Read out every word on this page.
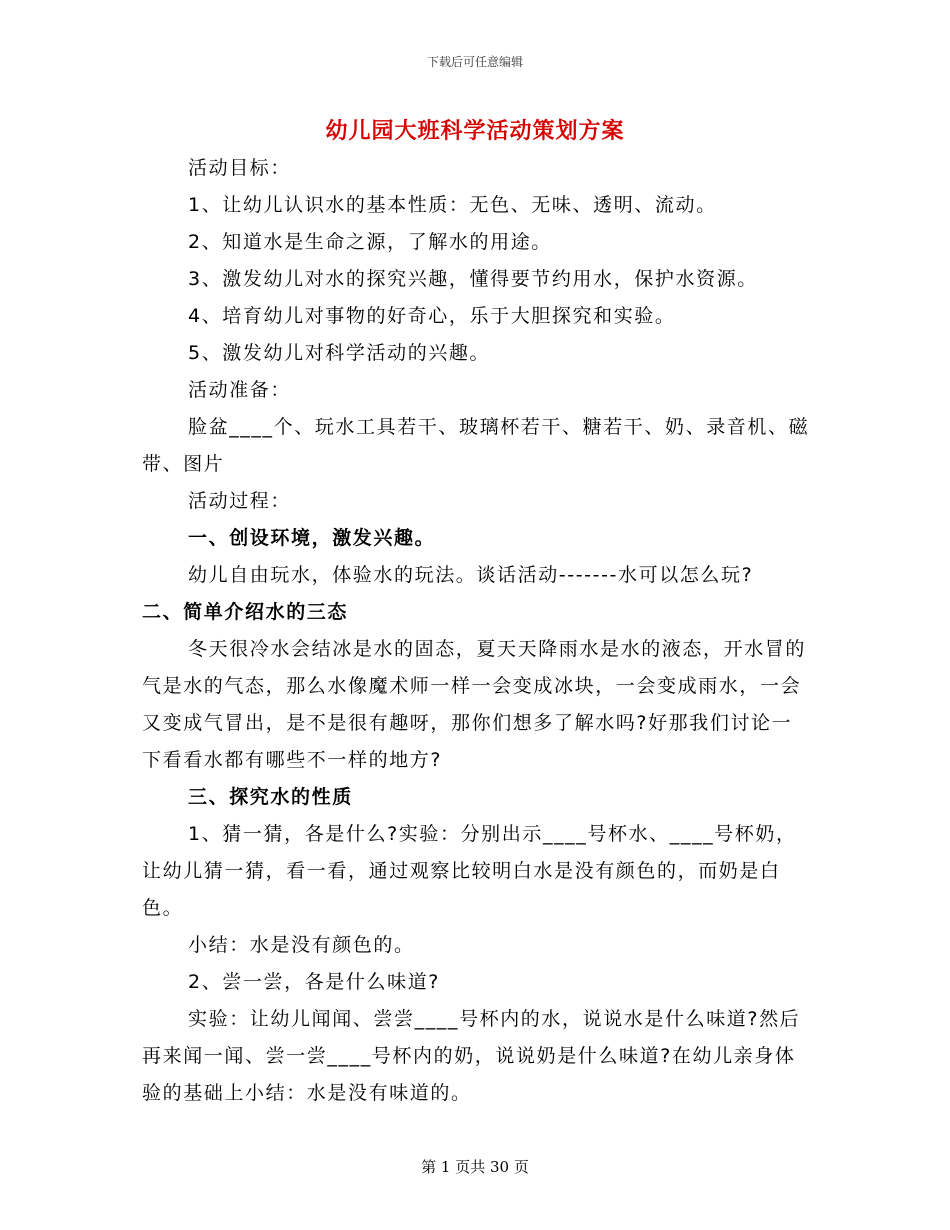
下载后可任意编辑
幼儿园大班科学活动策划方案

活动目标：

1、让幼儿认识水的基本性质：无色、无味、透明、流动。

2、知道水是生命之源，了解水的用途。

3、激发幼儿对水的探究兴趣，懂得要节约用水，保护水资源。

4、培育幼儿对事物的好奇心，乐于大胆探究和实验。

5、激发幼儿对科学活动的兴趣。

活动准备：

脸盆____个、玩水工具若干、玻璃杯若干、糖若干、奶、录音机、磁带、图片

活动过程：

一、创设环境，激发兴趣。

幼儿自由玩水，体验水的玩法。谈话活动-------水可以怎么玩?

二、简单介绍水的三态

冬天很冷水会结冰是水的固态，夏天天降雨水是水的液态，开水冒的气是水的气态，那么水像魔术师一样一会变成冰块，一会变成雨水，一会又变成气冒出，是不是很有趣呀，那你们想多了解水吗?好那我们讨论一下看看水都有哪些不一样的地方?

三、探究水的性质

1、猜一猜，各是什么?实验：分别出示____号杯水、____号杯奶，让幼儿猜一猜，看一看，通过观察比较明白水是没有颜色的，而奶是白色。

小结：水是没有颜色的。

2、尝一尝，各是什么味道?

实验：让幼儿闻闻、尝尝____号杯内的水，说说水是什么味道?然后再来闻一闻、尝一尝____号杯内的奶，说说奶是什么味道?在幼儿亲身体验的基础上小结：水是没有味道的。

第 1 页共 30 页
